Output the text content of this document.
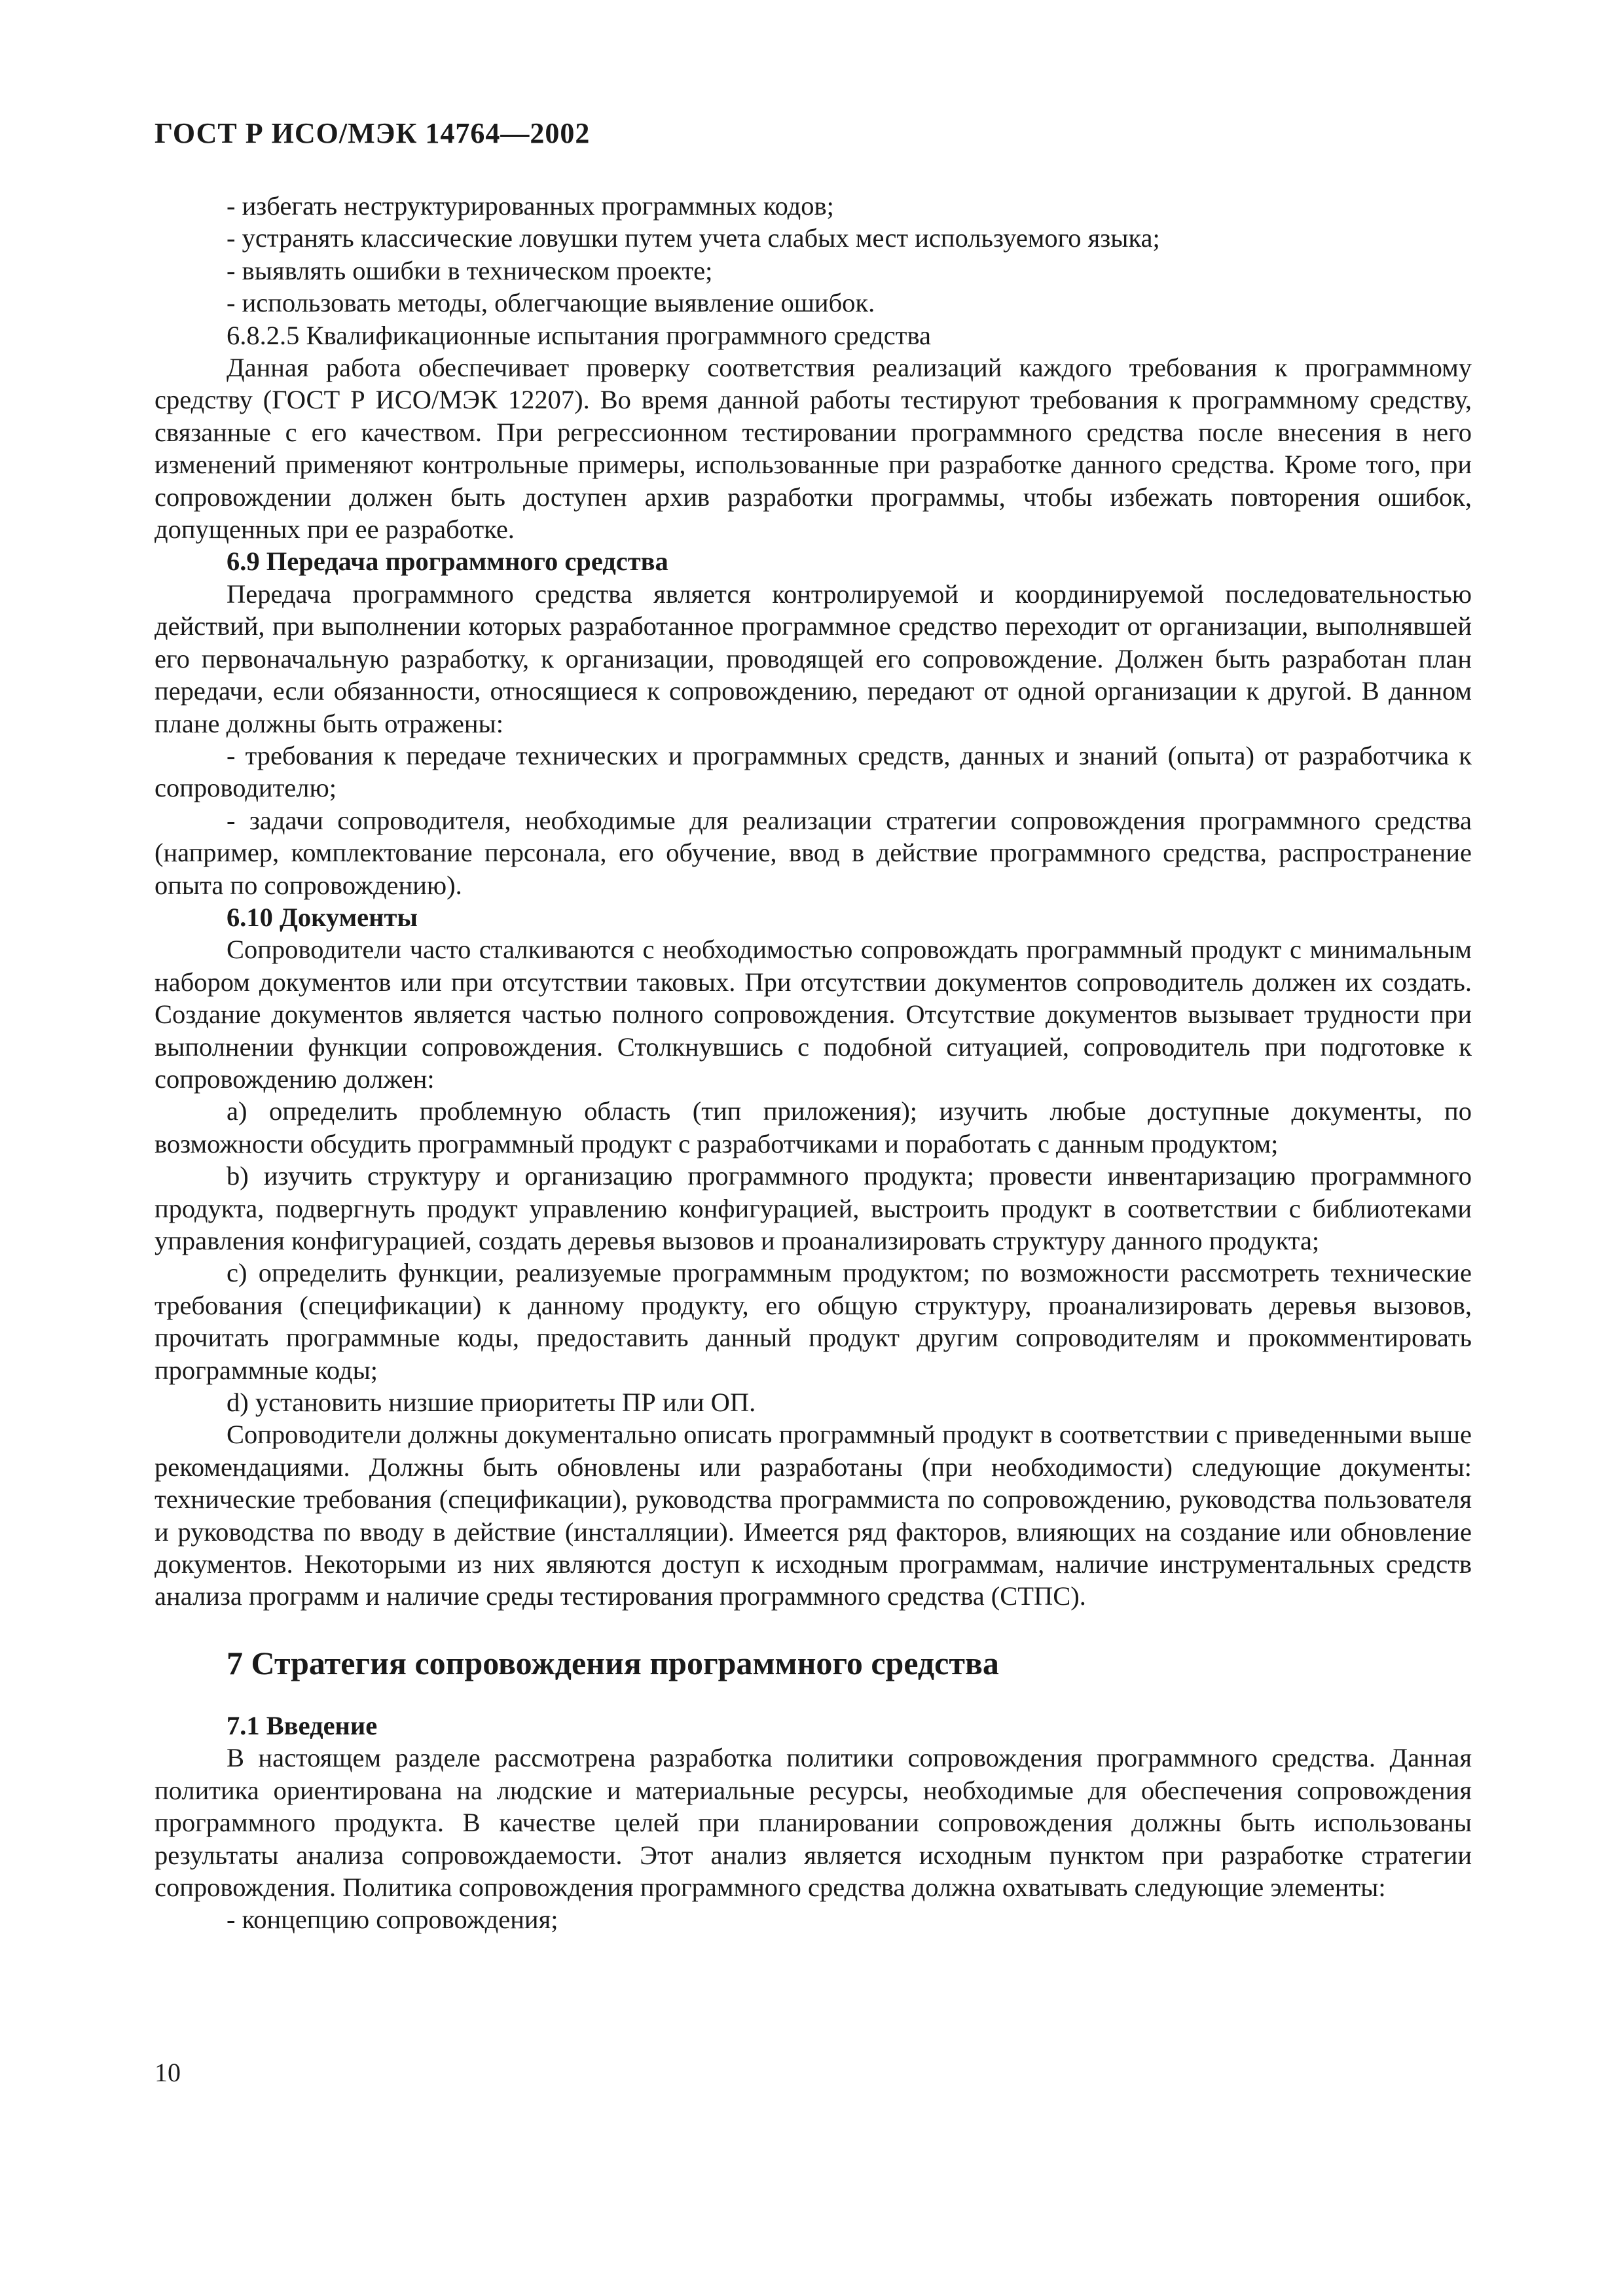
ГОСТ Р ИСО/МЭК 14764—2002

- избегать неструктурированных программных кодов;

- устранять классические ловушки путем учета слабых мест используемого языка;

- выявлять ошибки в техническом проекте;

- использовать методы, облегчающие выявление ошибок.

6.8.2.5 Квалификационные испытания программного средства

Данная работа обеспечивает проверку соответствия реализаций каждого требования к программному средству (ГОСТ Р ИСО/МЭК 12207). Во время данной работы тестируют требования к программному средству, связанные с его качеством. При регрессионном тестировании программного средства после внесения в него изменений применяют контрольные примеры, использованные при разработке данного средства. Кроме того, при сопровождении должен быть доступен архив разработки программы, чтобы избежать повторения ошибок, допущенных при ее разработке.

6.9 Передача программного средства

Передача программного средства является контролируемой и координируемой последовательностью действий, при выполнении которых разработанное программное средство переходит от организации, выполнявшей его первоначальную разработку, к организации, проводящей его сопровождение. Должен быть разработан план передачи, если обязанности, относящиеся к сопровождению, передают от одной организации к другой. В данном плане должны быть отражены:

- требования к передаче технических и программных средств, данных и знаний (опыта) от разработчика к сопроводителю;

- задачи сопроводителя, необходимые для реализации стратегии сопровождения программного средства (например, комплектование персонала, его обучение, ввод в действие программного средства, распространение опыта по сопровождению).

6.10 Документы

Сопроводители часто сталкиваются с необходимостью сопровождать программный продукт с минимальным набором документов или при отсутствии таковых. При отсутствии документов сопроводитель должен их создать. Создание документов является частью полного сопровождения. Отсутствие документов вызывает трудности при выполнении функции сопровождения. Столкнувшись с подобной ситуацией, сопроводитель при подготовке к сопровождению должен:

a) определить проблемную область (тип приложения); изучить любые доступные документы, по возможности обсудить программный продукт с разработчиками и поработать с данным продуктом;

b) изучить структуру и организацию программного продукта; провести инвентаризацию программного продукта, подвергнуть продукт управлению конфигурацией, выстроить продукт в соответствии с библиотеками управления конфигурацией, создать деревья вызовов и проанализировать структуру данного продукта;

c) определить функции, реализуемые программным продуктом; по возможности рассмотреть технические требования (спецификации) к данному продукту, его общую структуру, проанализировать деревья вызовов, прочитать программные коды, предоставить данный продукт другим сопроводителям и прокомментировать программные коды;

d) установить низшие приоритеты ПР или ОП.

Сопроводители должны документально описать программный продукт в соответствии с приведенными выше рекомендациями. Должны быть обновлены или разработаны (при необходимости) следующие документы: технические требования (спецификации), руководства программиста по сопровождению, руководства пользователя и руководства по вводу в действие (инсталляции). Имеется ряд факторов, влияющих на создание или обновление документов. Некоторыми из них являются доступ к исходным программам, наличие инструментальных средств анализа программ и наличие среды тестирования программного средства (СТПС).

7 Стратегия сопровождения программного средства

7.1 Введение

В настоящем разделе рассмотрена разработка политики сопровождения программного средства. Данная политика ориентирована на людские и материальные ресурсы, необходимые для обеспечения сопровождения программного продукта. В качестве целей при планировании сопровождения должны быть использованы результаты анализа сопровождаемости. Этот анализ является исходным пунктом при разработке стратегии сопровождения. Политика сопровождения программного средства должна охватывать следующие элементы:

- концепцию сопровождения;

10
